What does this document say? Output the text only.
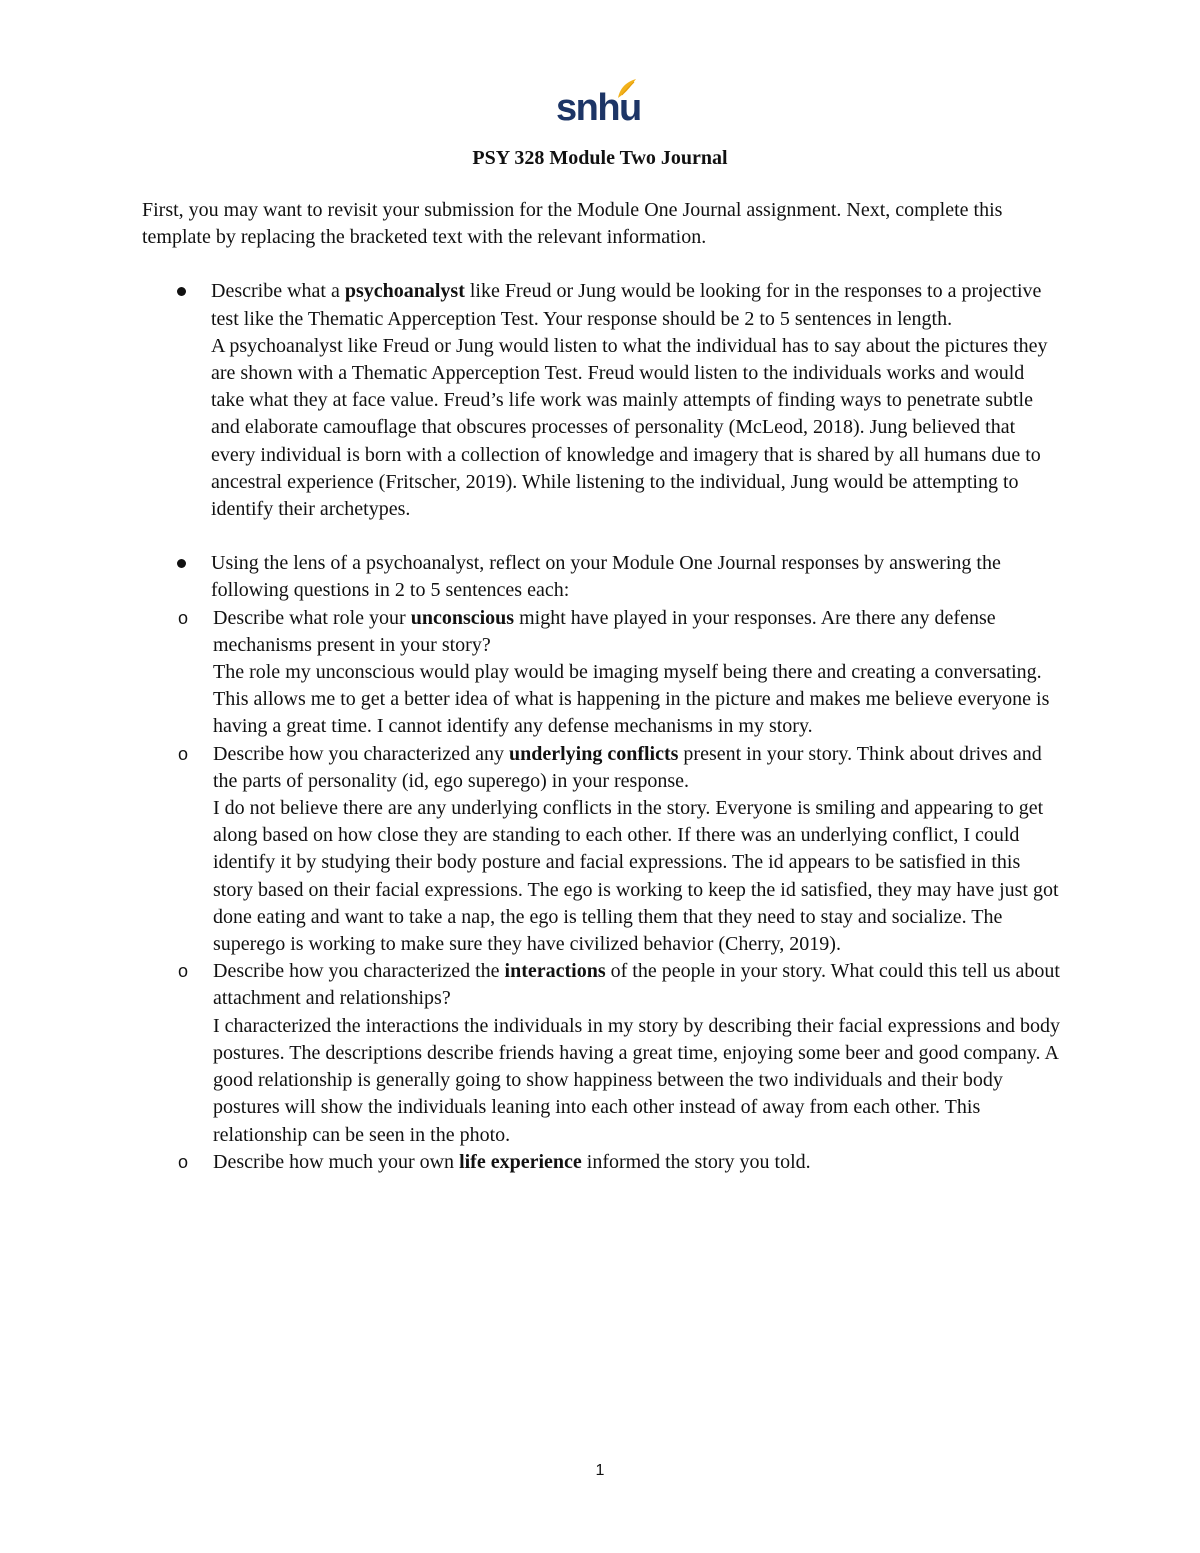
snhu
PSY 328 Module Two Journal

First, you may want to revisit your submission for the Module One Journal assignment. Next, complete this template by replacing the bracketed text with the relevant information.

Describe what a psychoanalyst like Freud or Jung would be looking for in the responses to a projective test like the Thematic Apperception Test. Your response should be 2 to 5 sentences in length.

A psychoanalyst like Freud or Jung would listen to what the individual has to say about the pictures they are shown with a Thematic Apperception Test. Freud would listen to the individuals works and would take what they at face value. Freud’s life work was mainly attempts of finding ways to penetrate subtle and elaborate camouflage that obscures processes of personality (McLeod, 2018). Jung believed that every individual is born with a collection of knowledge and imagery that is shared by all humans due to ancestral experience (Fritscher, 2019). While listening to the individual, Jung would be attempting to identify their archetypes.

Using the lens of a psychoanalyst, reflect on your Module One Journal responses by answering the following questions in 2 to 5 sentences each:

o Describe what role your unconscious might have played in your responses. Are there any defense mechanisms present in your story?

The role my unconscious would play would be imaging myself being there and creating a conversating. This allows me to get a better idea of what is happening in the picture and makes me believe everyone is having a great time. I cannot identify any defense mechanisms in my story.

o Describe how you characterized any underlying conflicts present in your story. Think about drives and the parts of personality (id, ego superego) in your response.

I do not believe there are any underlying conflicts in the story. Everyone is smiling and appearing to get along based on how close they are standing to each other. If there was an underlying conflict, I could identify it by studying their body posture and facial expressions. The id appears to be satisfied in this story based on their facial expressions. The ego is working to keep the id satisfied, they may have just got done eating and want to take a nap, the ego is telling them that they need to stay and socialize. The superego is working to make sure they have civilized behavior (Cherry, 2019).

o Describe how you characterized the interactions of the people in your story. What could this tell us about attachment and relationships?

I characterized the interactions the individuals in my story by describing their facial expressions and body postures. The descriptions describe friends having a great time, enjoying some beer and good company. A good relationship is generally going to show happiness between the two individuals and their body postures will show the individuals leaning into each other instead of away from each other. This relationship can be seen in the photo.

o Describe how much your own life experience informed the story you told.

1
